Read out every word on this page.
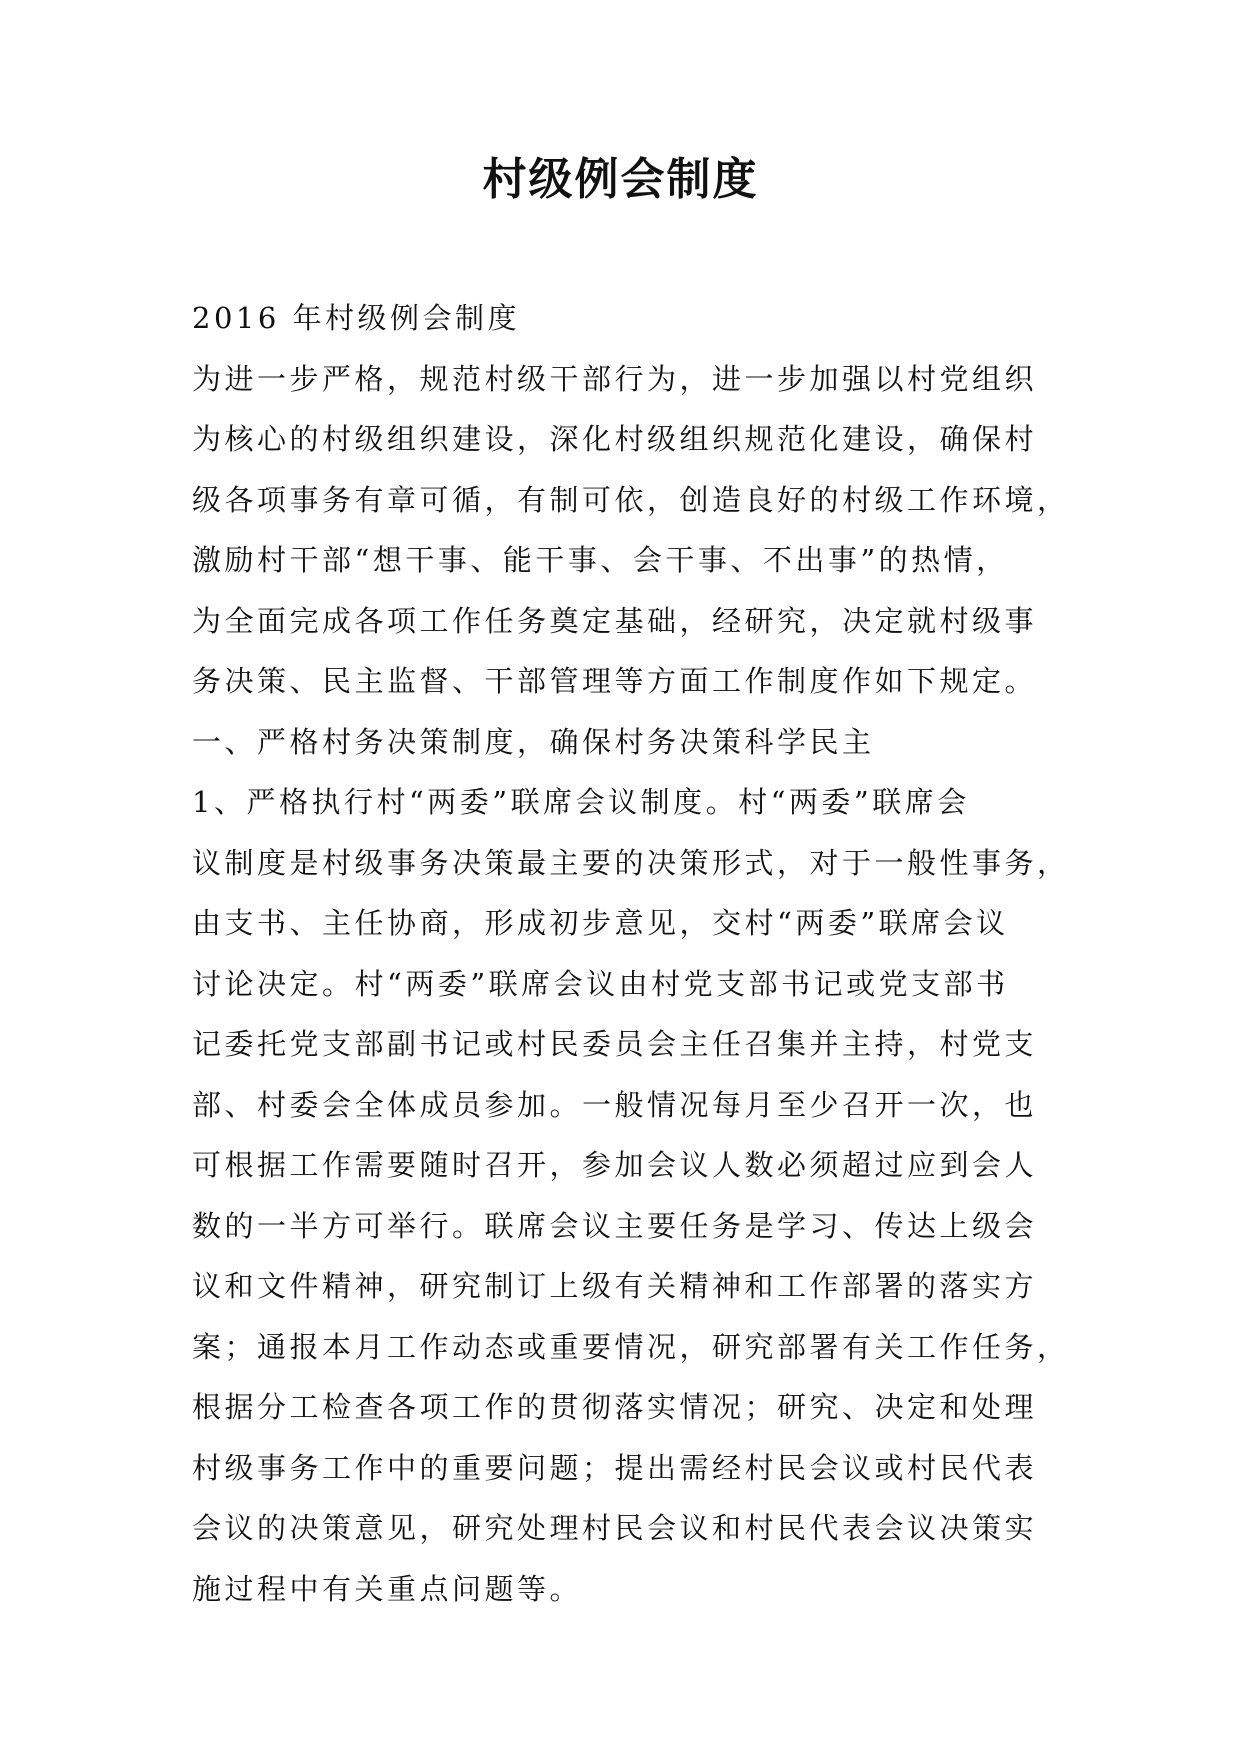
村级例会制度

2016 年村级例会制度

为进一步严格，规范村级干部行为，进一步加强以村党组织

为核心的村级组织建设，深化村级组织规范化建设，确保村

级各项事务有章可循，有制可依，创造良好的村级工作环境，

激励村干部“想干事、能干事、会干事、不出事”的热情，

为全面完成各项工作任务奠定基础，经研究，决定就村级事

务决策、民主监督、干部管理等方面工作制度作如下规定。

一、严格村务决策制度，确保村务决策科学民主

1、严格执行村“两委”联席会议制度。村“两委”联席会

议制度是村级事务决策最主要的决策形式，对于一般性事务，

由支书、主任协商，形成初步意见，交村“两委”联席会议

讨论决定。村“两委”联席会议由村党支部书记或党支部书

记委托党支部副书记或村民委员会主任召集并主持，村党支

部、村委会全体成员参加。一般情况每月至少召开一次，也

可根据工作需要随时召开，参加会议人数必须超过应到会人

数的一半方可举行。联席会议主要任务是学习、传达上级会

议和文件精神，研究制订上级有关精神和工作部署的落实方

案；通报本月工作动态或重要情况，研究部署有关工作任务，

根据分工检查各项工作的贯彻落实情况；研究、决定和处理

村级事务工作中的重要问题；提出需经村民会议或村民代表

会议的决策意见，研究处理村民会议和村民代表会议决策实

施过程中有关重点问题等。
